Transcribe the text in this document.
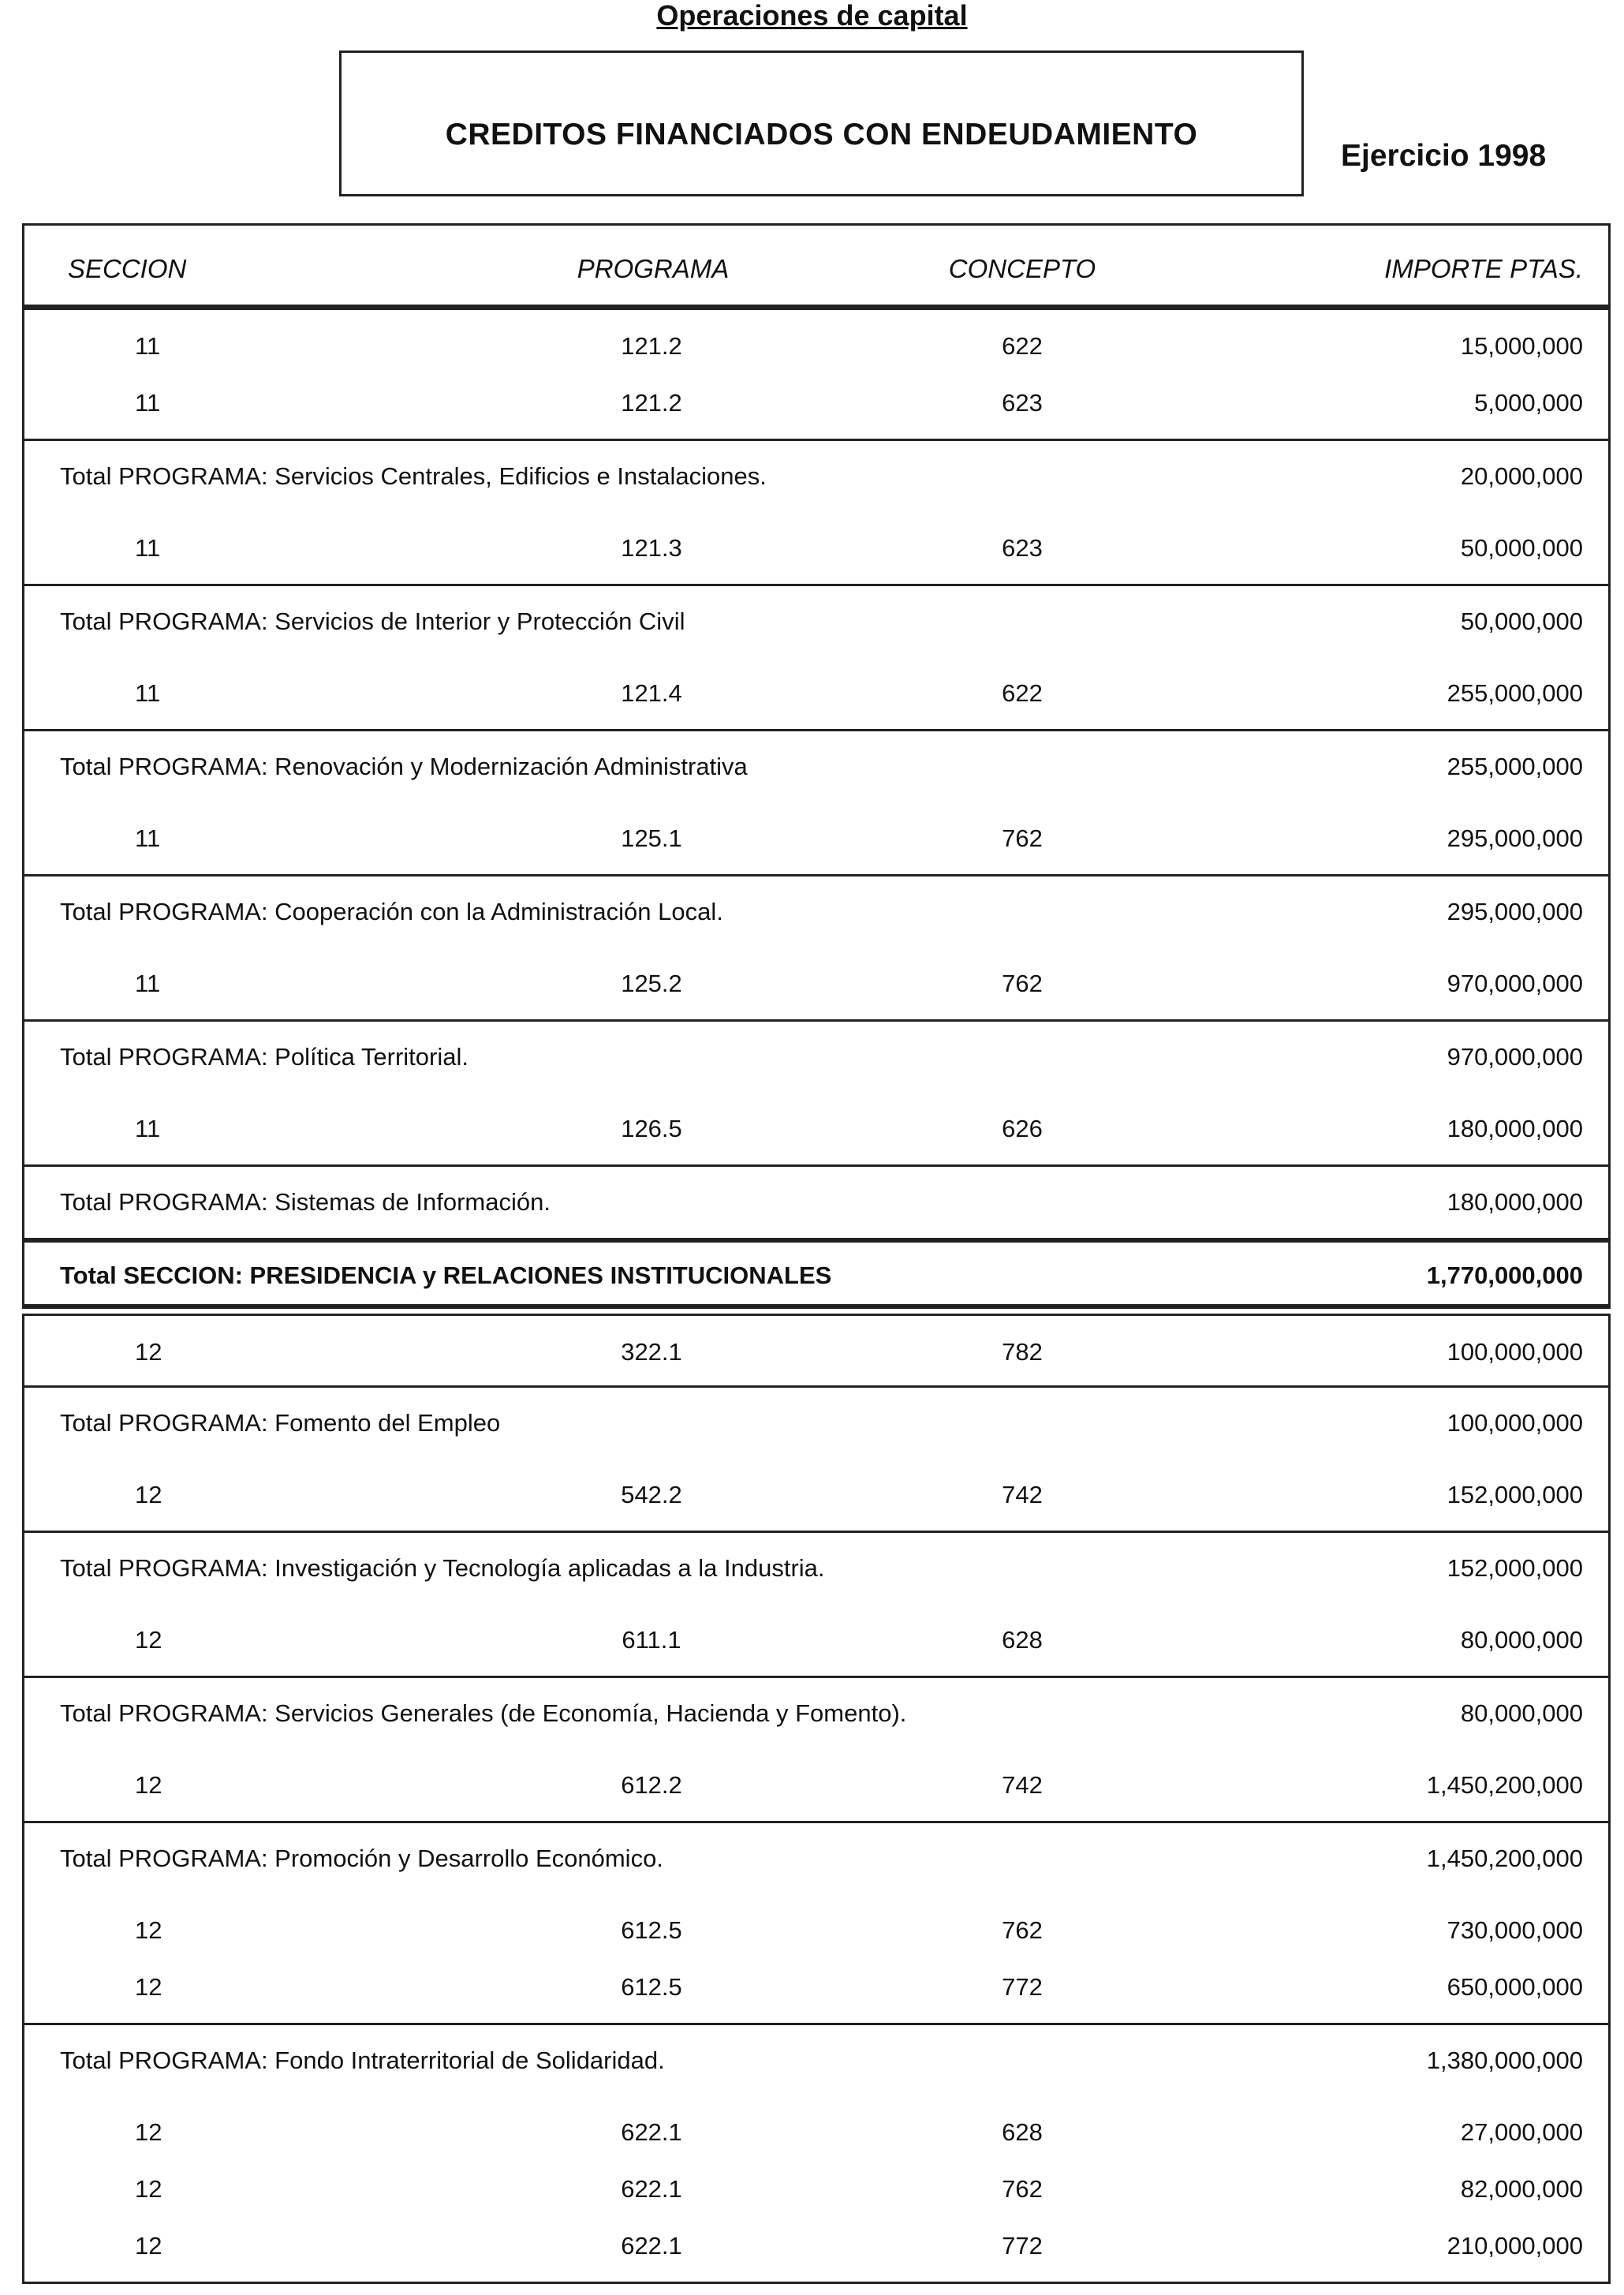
Operaciones de capital
CREDITOS FINANCIADOS CON ENDEUDAMIENTO
Ejercicio 1998
SECCION	PROGRAMA	CONCEPTO	IMPORTE PTAS.
11	121.2	622	15,000,000
11	121.2	623	5,000,000
Total PROGRAMA: Servicios Centrales, Edificios e Instalaciones.	20,000,000
11	121.3	623	50,000,000
Total PROGRAMA: Servicios de Interior y Protección Civil	50,000,000
11	121.4	622	255,000,000
Total PROGRAMA: Renovación y Modernización Administrativa	255,000,000
11	125.1	762	295,000,000
Total PROGRAMA: Cooperación con la Administración Local.	295,000,000
11	125.2	762	970,000,000
Total PROGRAMA: Política Territorial.	970,000,000
11	126.5	626	180,000,000
Total PROGRAMA: Sistemas de Información.	180,000,000
Total SECCION: PRESIDENCIA y RELACIONES INSTITUCIONALES	1,770,000,000
12	322.1	782	100,000,000
Total PROGRAMA: Fomento del Empleo	100,000,000
12	542.2	742	152,000,000
Total PROGRAMA: Investigación y Tecnología aplicadas a la Industria.	152,000,000
12	611.1	628	80,000,000
Total PROGRAMA: Servicios Generales (de Economía, Hacienda y Fomento).	80,000,000
12	612.2	742	1,450,200,000
Total PROGRAMA: Promoción y Desarrollo Económico.	1,450,200,000
12	612.5	762	730,000,000
12	612.5	772	650,000,000
Total PROGRAMA: Fondo Intraterritorial de Solidaridad.	1,380,000,000
12	622.1	628	27,000,000
12	622.1	762	82,000,000
12	622.1	772	210,000,000
